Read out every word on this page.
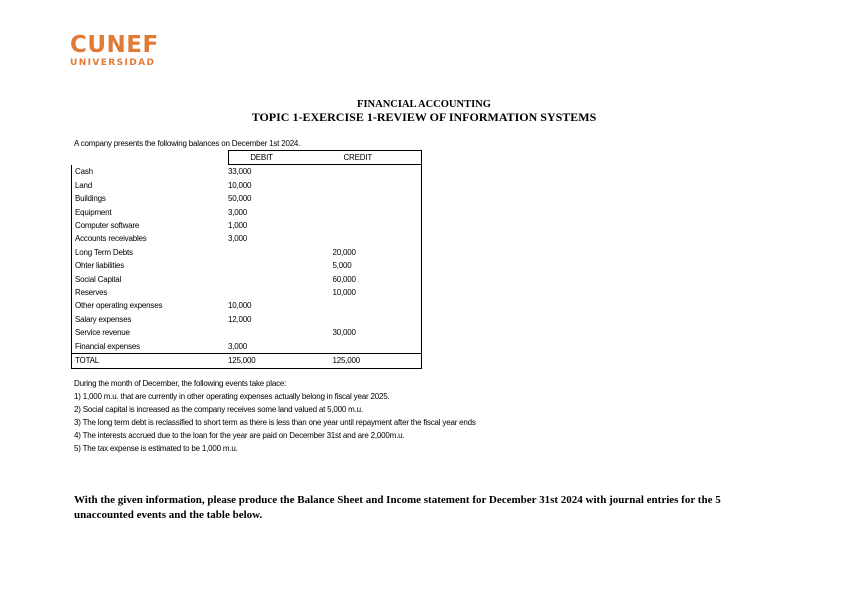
CUNEF
UNIVERSIDAD
FINANCIAL ACCOUNTING
TOPIC 1-EXERCISE 1-REVIEW OF INFORMATION SYSTEMS
A company presents the following balances on December 1st 2024.
	DEBIT	CREDIT
Cash	33,000	
Land	10,000	
Buildings	50,000	
Equipment	3,000	
Computer software	1,000	
Accounts receivables	3,000	
Long Term Debts		20,000
Ohter liabilities		5,000
Social Capital		60,000
Reserves		10,000
Other operating expenses	10,000	
Salary expenses	12,000	
Service revenue		30,000
Financial expenses	3,000	
TOTAL	125,000	125,000

During the month of December, the following events take place:

1) 1,000 m.u. that are currently in other operating expenses actually belong in fiscal year 2025.

2) Social capital is increased as the company receives some land valued at 5,000 m.u.

3) The long term debt is reclassified to short term as there is less than one year until repayment after the fiscal year ends

4) The interests accrued due to the loan for the year are paid on December 31st and are 2,000m.u.

5) The tax expense is estimated to be 1,000 m.u.

With the given information, please produce the Balance Sheet and Income statement for December 31st 2024 with journal entries for the 5 unaccounted events and the table below.
